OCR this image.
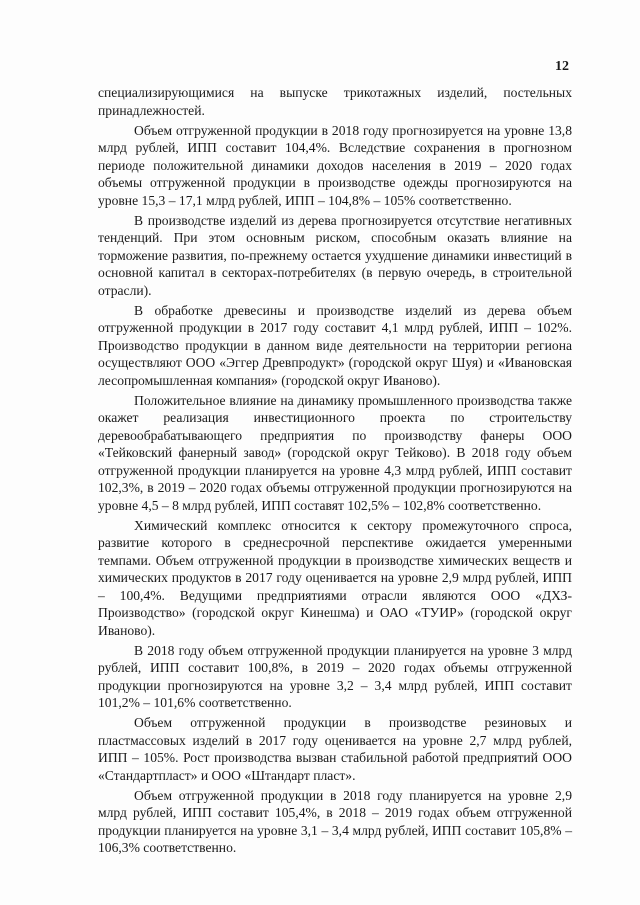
12

специализирующимися на выпуске трикотажных изделий, постельных принадлежностей.

Объем отгруженной продукции в 2018 году прогнозируется на уровне 13,8 млрд рублей, ИПП составит 104,4%. Вследствие сохранения в прогнозном периоде положительной динамики доходов населения в 2019 – 2020 годах объемы отгруженной продукции в производстве одежды прогнозируются на уровне 15,3 – 17,1 млрд рублей, ИПП – 104,8% – 105% соответственно.

В производстве изделий из дерева прогнозируется отсутствие негативных тенденций. При этом основным риском, способным оказать влияние на торможение развития, по-прежнему остается ухудшение динамики инвестиций в основной капитал в секторах-потребителях (в первую очередь, в строительной отрасли).

В обработке древесины и производстве изделий из дерева объем отгруженной продукции в 2017 году составит 4,1 млрд рублей, ИПП – 102%. Производство продукции в данном виде деятельности на территории региона осуществляют ООО «Эггер Древпродукт» (городской округ Шуя) и «Ивановская лесопромышленная компания» (городской округ Иваново).

Положительное влияние на динамику промышленного производства также окажет реализация инвестиционного проекта по строительству деревообрабатывающего предприятия по производству фанеры ООО «Тейковский фанерный завод» (городской округ Тейково). В 2018 году объем отгруженной продукции планируется на уровне 4,3 млрд рублей, ИПП составит 102,3%, в 2019 – 2020 годах объемы отгруженной продукции прогнозируются на уровне 4,5 – 8 млрд рублей, ИПП составят 102,5% – 102,8% соответственно.

Химический комплекс относится к сектору промежуточного спроса, развитие которого в среднесрочной перспективе ожидается умеренными темпами. Объем отгруженной продукции в производстве химических веществ и химических продуктов в 2017 году оценивается на уровне 2,9 млрд рублей, ИПП – 100,4%. Ведущими предприятиями отрасли являются ООО «ДХЗ-Производство» (городской округ Кинешма) и ОАО «ТУИР» (городской округ Иваново).

В 2018 году объем отгруженной продукции планируется на уровне 3 млрд рублей, ИПП составит 100,8%, в 2019 – 2020 годах объемы отгруженной продукции прогнозируются на уровне 3,2 – 3,4 млрд рублей, ИПП составит 101,2% – 101,6% соответственно.

Объем отгруженной продукции в производстве резиновых и пластмассовых изделий в 2017 году оценивается на уровне 2,7 млрд рублей, ИПП – 105%. Рост производства вызван стабильной работой предприятий ООО «Стандартпласт» и ООО «Штандарт пласт».

Объем отгруженной продукции в 2018 году планируется на уровне 2,9 млрд рублей, ИПП составит 105,4%, в 2018 – 2019 годах объем отгруженной продукции планируется на уровне 3,1 – 3,4 млрд рублей, ИПП составит 105,8% – 106,3% соответственно.
